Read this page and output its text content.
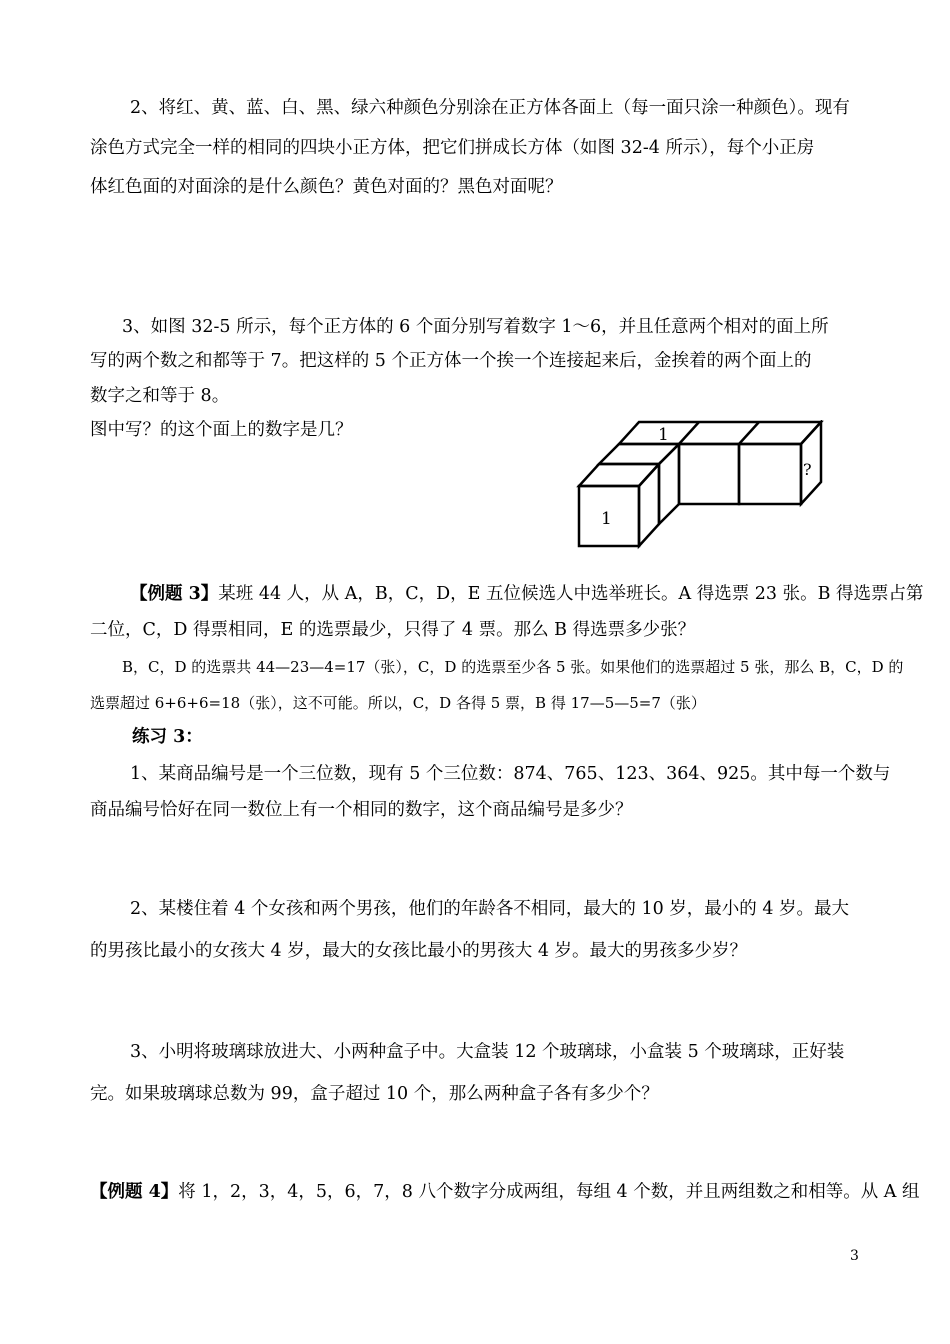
2、将红、黄、蓝、白、黑、绿六种颜色分别涂在正方体各面上（每一面只涂一种颜色）。现有
涂色方式完全一样的相同的四块小正方体，把它们拼成长方体（如图 32-4 所示），每个小正房
体红色面的对面涂的是什么颜色？黄色对面的？黑色对面呢？
3、如图 32-5 所示，每个正方体的 6 个面分别写着数字 1～6，并且任意两个相对的面上所
写的两个数之和都等于 7。把这样的 5 个正方体一个挨一个连接起来后，金挨着的两个面上的
数字之和等于 8。
图中写？的这个面上的数字是几？	1
1
?
【例题 3】某班 44 人，从 A，B，C，D，E 五位候选人中选举班长。A 得选票 23 张。B 得选票占第
二位，C，D 得票相同，E 的选票最少，只得了 4 票。那么 B 得选票多少张？
B，C，D 的选票共 44—23—4=17（张），C，D 的选票至少各 5 张。如果他们的选票超过 5 张，那么 B，C，D 的
选票超过 6+6+6=18（张），这不可能。所以，C，D 各得 5 票，B 得 17—5—5=7（张）
练习 3：
1、某商品编号是一个三位数，现有 5 个三位数：874、765、123、364、925。其中每一个数与
商品编号恰好在同一数位上有一个相同的数字，这个商品编号是多少？
2、某楼住着 4 个女孩和两个男孩，他们的年龄各不相同，最大的 10 岁，最小的 4 岁。最大
的男孩比最小的女孩大 4 岁，最大的女孩比最小的男孩大 4 岁。最大的男孩多少岁？
3、小明将玻璃球放进大、小两种盒子中。大盒装 12 个玻璃球，小盒装 5 个玻璃球，正好装
完。如果玻璃球总数为 99，盒子超过 10 个，那么两种盒子各有多少个？
【例题 4】将 1，2，3，4，5，6，7，8 八个数字分成两组，每组 4 个数，并且两组数之和相等。从 A 组
3
